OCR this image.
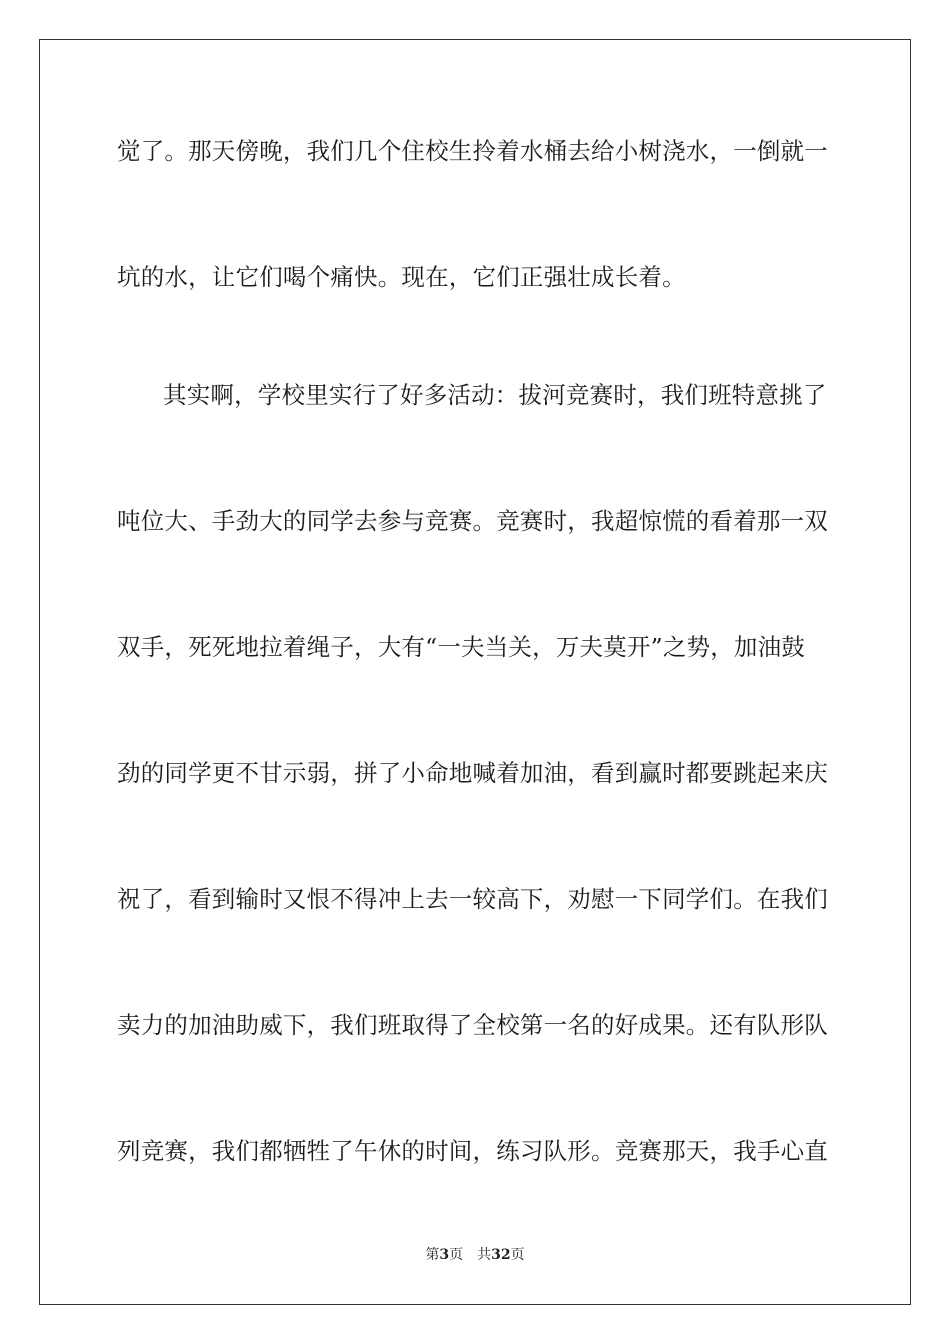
觉了。那天傍晚，我们几个住校生拎着水桶去给小树浇水，一倒就一
坑的水，让它们喝个痛快。现在，它们正强壮成长着。
其实啊，学校里实行了好多活动：拔河竞赛时，我们班特意挑了
吨位大、手劲大的同学去参与竞赛。竞赛时，我超惊慌的看着那一双
双手，死死地拉着绳子，大有“一夫当关，万夫莫开”之势，加油鼓
劲的同学更不甘示弱，拼了小命地喊着加油，看到赢时都要跳起来庆
祝了，看到输时又恨不得冲上去一较高下，劝慰一下同学们。在我们
卖力的加油助威下，我们班取得了全校第一名的好成果。还有队形队
列竞赛，我们都牺牲了午休的时间，练习队形。竞赛那天，我手心直
第3页 共32页
